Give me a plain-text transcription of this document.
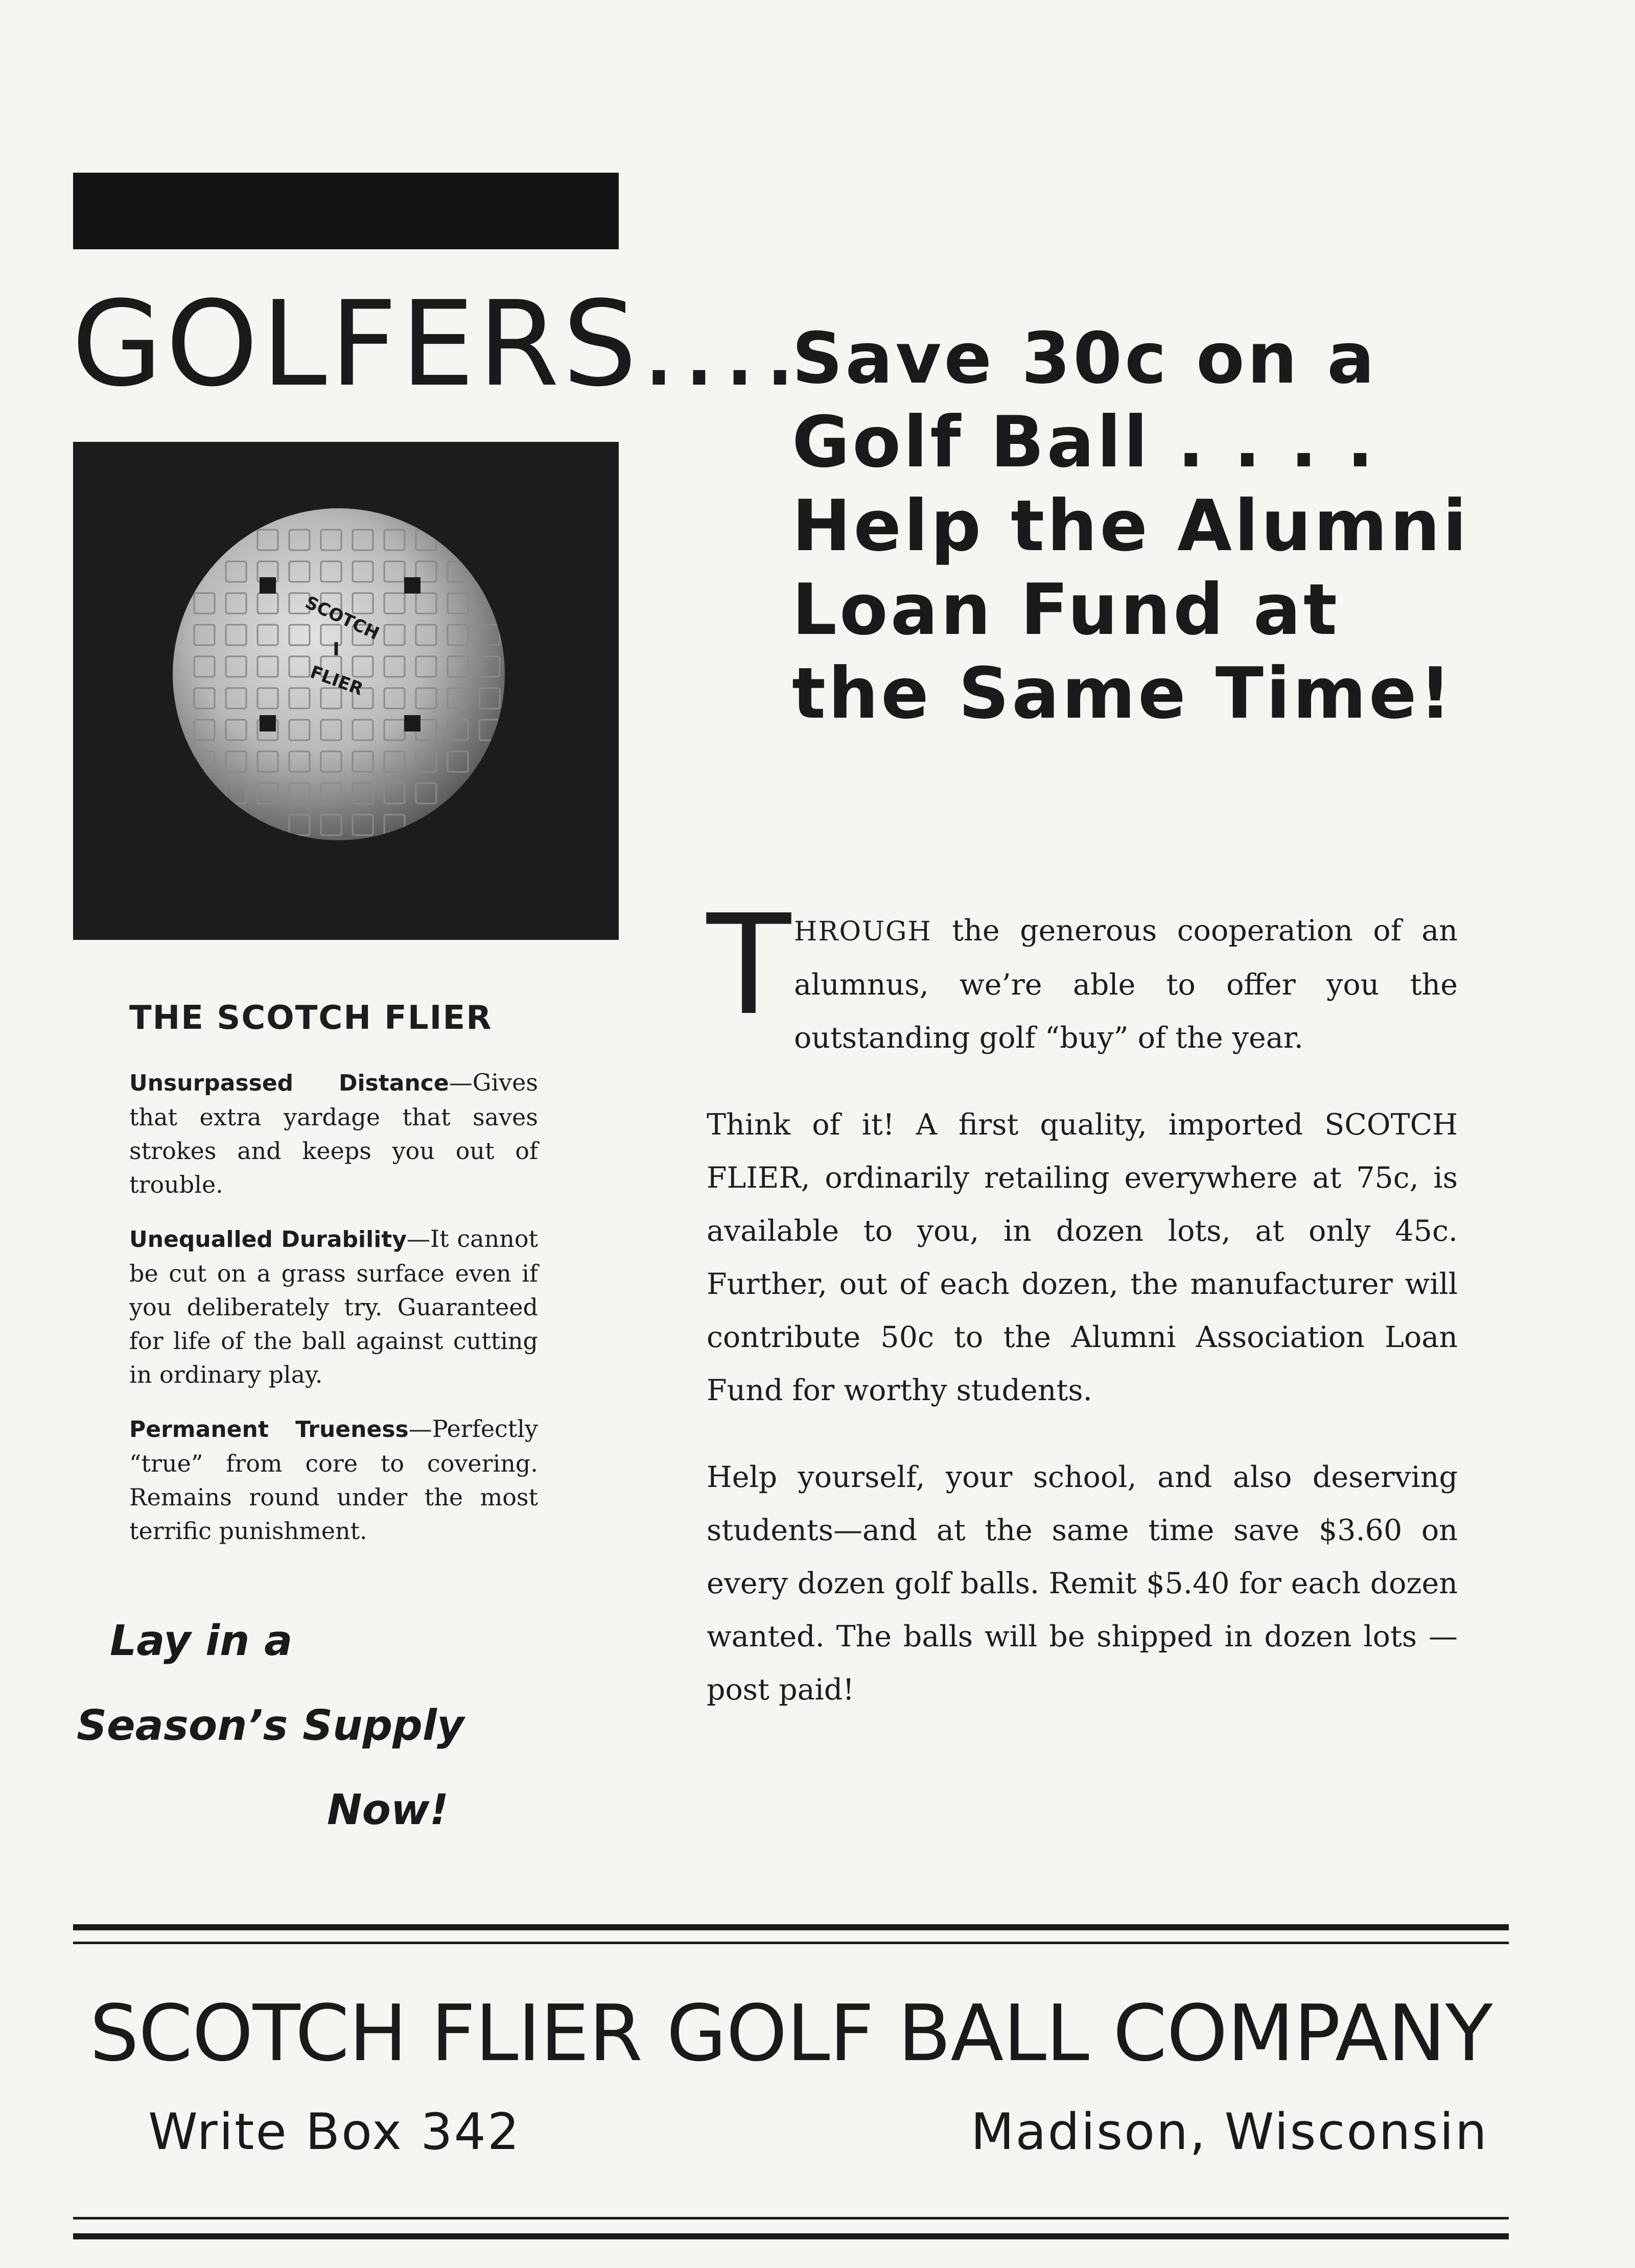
GOLFERS....
Save 30c on a
Golf Ball . . . .
Help the Alumni
Loan Fund at
the Same Time!
SCOTCH
I
FLIER
THE SCOTCH FLIER
Unsurpassed Distance—Gives that extra yardage that saves strokes and keeps you out of trouble.
Unequalled Durability—It cannot be cut on a grass surface even if you deliberately try. Guaranteed for life of the ball against cutting in ordinary play.
Permanent Trueness—Perfectly “true” from core to covering. Remains round under the most terrific punishment.
Lay in a
Season’s Supply
Now!

THROUGH the generous cooperation of an alumnus, we’re able to offer you the outstanding golf “buy” of the year.

Think of it! A first quality, imported SCOTCH FLIER, ordinarily retailing everywhere at 75c, is available to you, in dozen lots, at only 45c. Further, out of each dozen, the manufacturer will contribute 50c to the Alumni Association Loan Fund for worthy students.

Help yourself, your school, and also deserving students—and at the same time save $3.60 on every dozen golf balls. Remit $5.40 for each dozen wanted. The balls will be shipped in dozen lots — post paid!

SCOTCH FLIER GOLF BALL COMPANY
Write Box 342	Madison, Wisconsin
